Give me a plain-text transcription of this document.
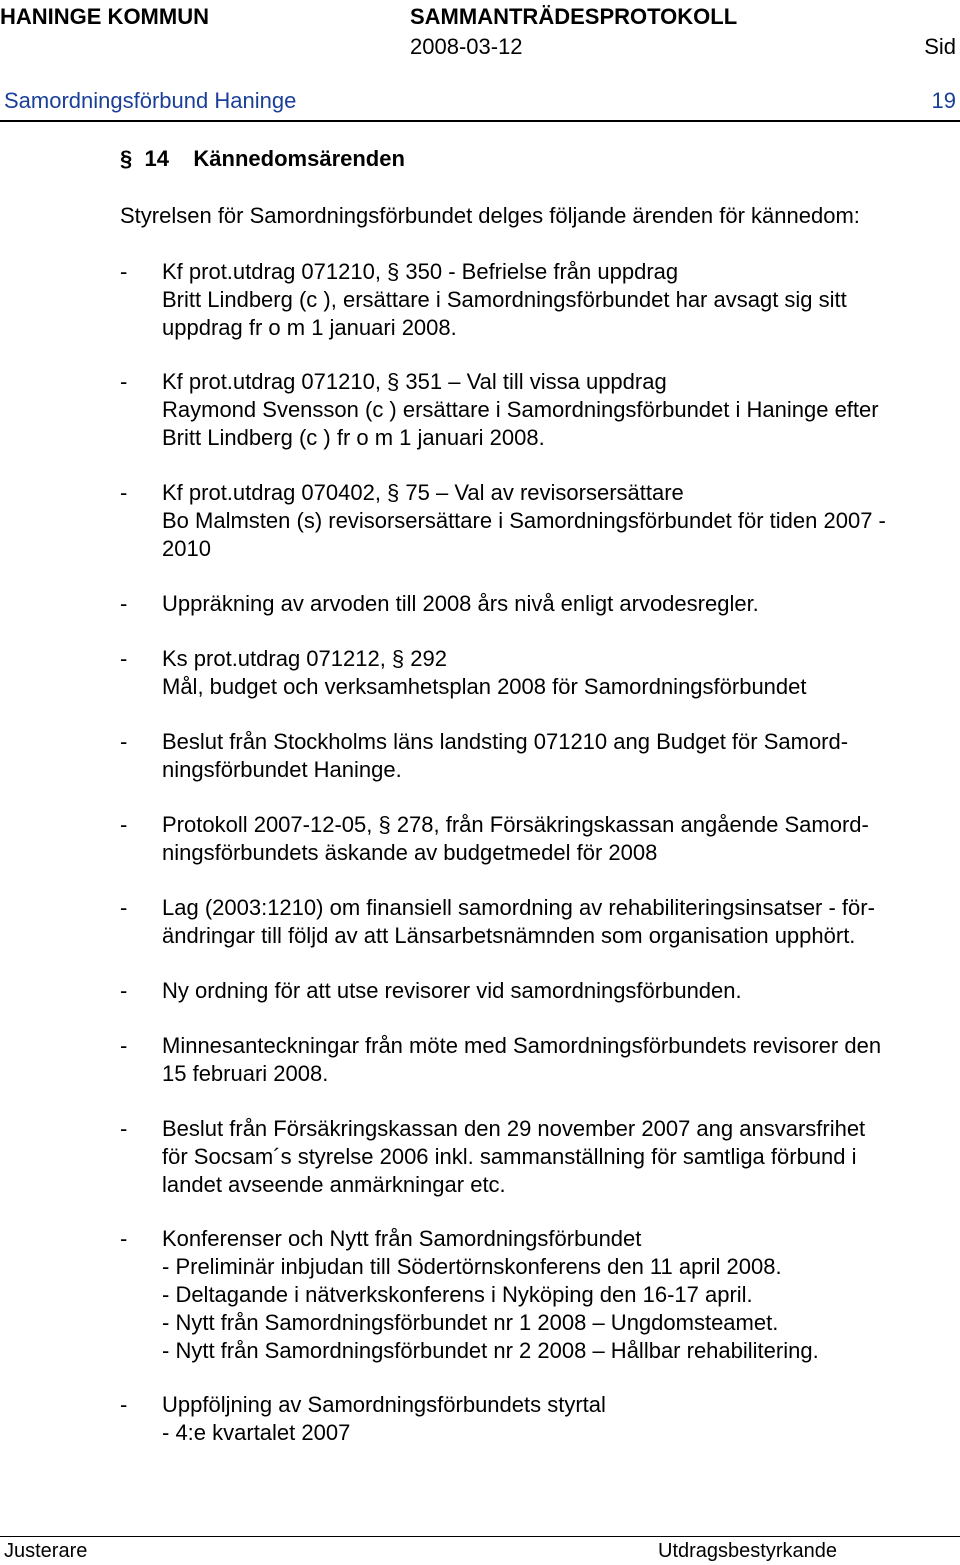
HANINGE KOMMUN	SAMMANTRÄDESPROTOKOLL
2008-03-12	Sid
Samordningsförbund Haninge	19
§ 14 Kännedomsärenden
Styrelsen för Samordningsförbundet delges följande ärenden för kännedom:
- Kf prot.utdrag 071210, § 350 - Befrielse från uppdrag
Britt Lindberg (c ), ersättare i Samordningsförbundet har avsagt sig sitt
uppdrag fr o m 1 januari 2008.
- Kf prot.utdrag 071210, § 351 – Val till vissa uppdrag
Raymond Svensson (c ) ersättare i Samordningsförbundet i Haninge efter
Britt Lindberg (c ) fr o m 1 januari 2008.
- Kf prot.utdrag 070402, § 75 – Val av revisorsersättare
Bo Malmsten (s) revisorsersättare i Samordningsförbundet för tiden 2007 -
2010
- Uppräkning av arvoden till 2008 års nivå enligt arvodesregler.
- Ks prot.utdrag 071212, § 292
Mål, budget och verksamhetsplan 2008 för Samordningsförbundet
- Beslut från Stockholms läns landsting 071210 ang Budget för Samord-
ningsförbundet Haninge.
- Protokoll 2007-12-05, § 278, från Försäkringskassan angående Samord-
ningsförbundets äskande av budgetmedel för 2008
- Lag (2003:1210) om finansiell samordning av rehabiliteringsinsatser - för-
ändringar till följd av att Länsarbetsnämnden som organisation upphört.
- Ny ordning för att utse revisorer vid samordningsförbunden.
- Minnesanteckningar från möte med Samordningsförbundets revisorer den
15 februari 2008.
- Beslut från Försäkringskassan den 29 november 2007 ang ansvarsfrihet
för Socsam´s styrelse 2006 inkl. sammanställning för samtliga förbund i
landet avseende anmärkningar etc.
- Konferenser och Nytt från Samordningsförbundet
- Preliminär inbjudan till Södertörnskonferens den 11 april 2008.
- Deltagande i nätverkskonferens i Nyköping den 16-17 april.
- Nytt från Samordningsförbundet nr 1 2008 – Ungdomsteamet.
- Nytt från Samordningsförbundet nr 2 2008 – Hållbar rehabilitering.
- Uppföljning av Samordningsförbundets styrtal
- 4:e kvartalet 2007
Justerare	Utdragsbestyrkande
